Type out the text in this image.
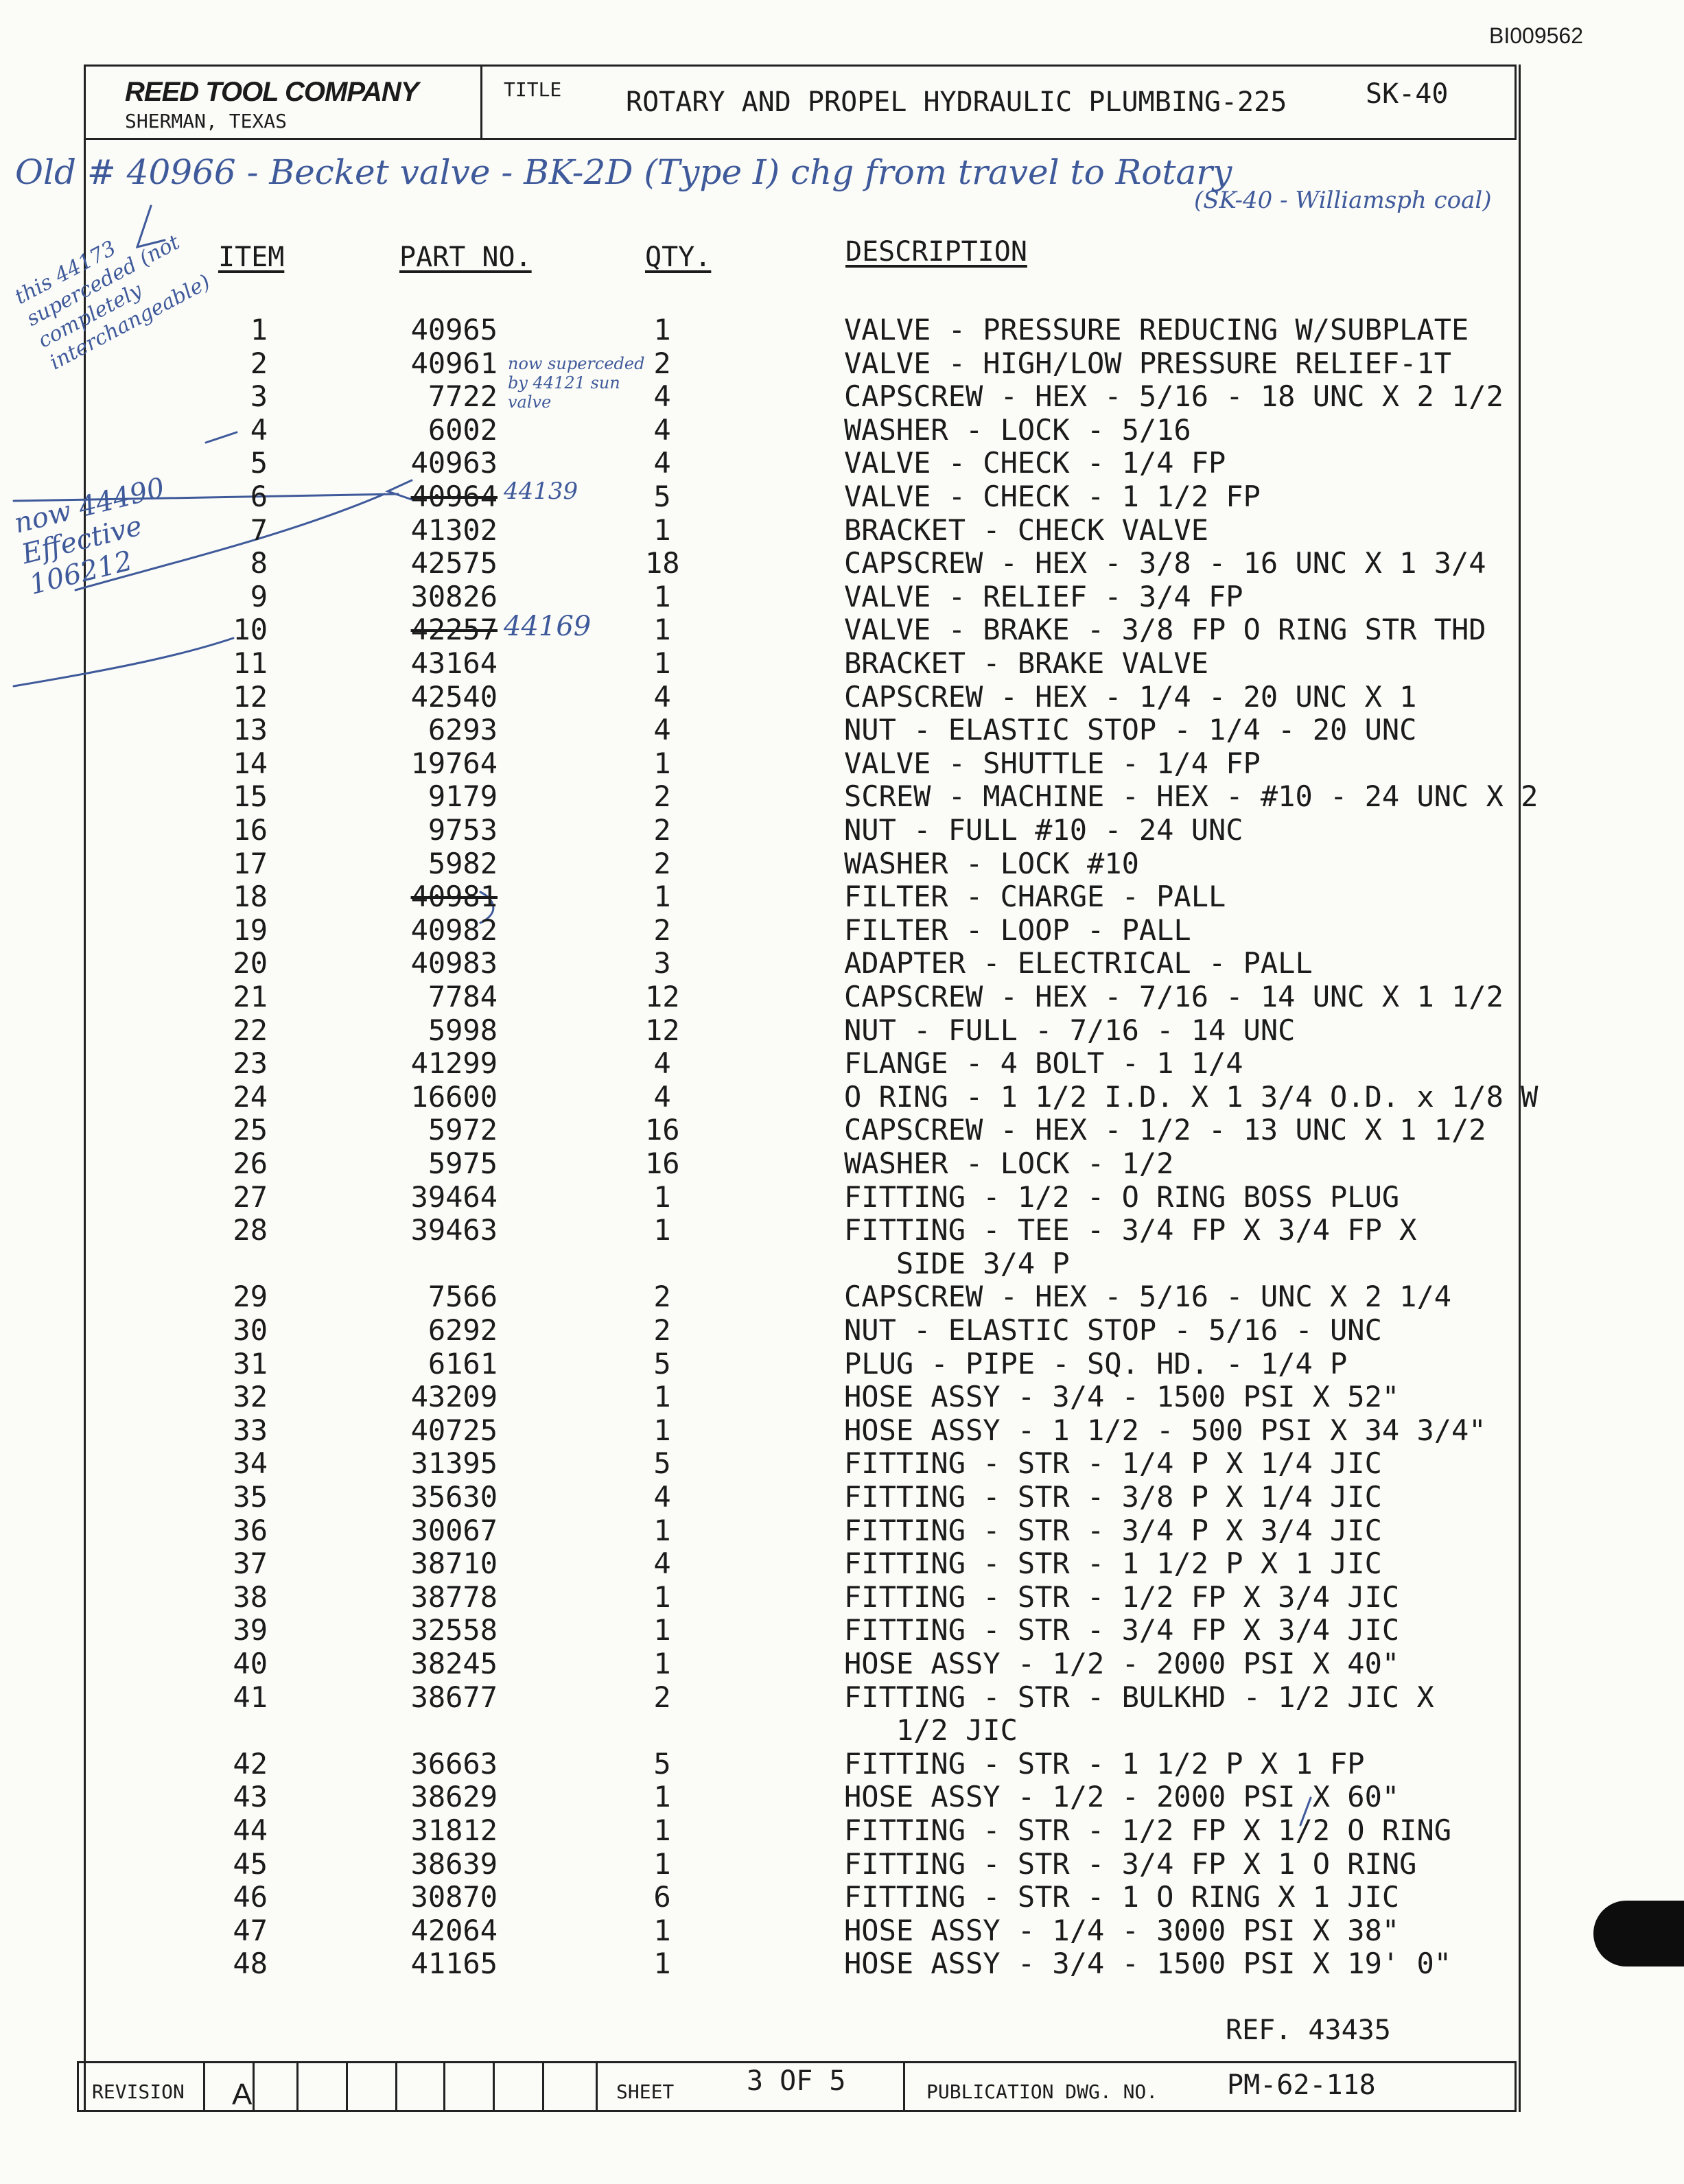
BI009562
REED TOOL COMPANY
SHERMAN, TEXAS
TITLE ROTARY AND PROPEL HYDRAULIC PLUMBING-225	SK-40
Old # 40966 - Becket valve - BK-2D (Type I) chg from travel to Rotary
(SK-40 - Williamsph coal)
this 44173 superceded (not completely interchangeable)	now superceded by 44121 sun valve
44139
44169
now 44490 Effective 106212
ITEM	PART NO.	QTY.	DESCRIPTION
1	40965	1	VALVE - PRESSURE REDUCING W/SUBPLATE
2	40961	2	VALVE - HIGH/LOW PRESSURE RELIEF-1T
3	7722	4	CAPSCREW - HEX - 5/16 - 18 UNC X 2 1/2
4	6002	4	WASHER - LOCK - 5/16
5	40963	4	VALVE - CHECK - 1/4 FP
6	40964	5	VALVE - CHECK - 1 1/2 FP
7	41302	1	BRACKET - CHECK VALVE
8	42575	18	CAPSCREW - HEX - 3/8 - 16 UNC X 1 3/4
9	30826	1	VALVE - RELIEF - 3/4 FP
10	42257	1	VALVE - BRAKE - 3/8 FP O RING STR THD
11	43164	1	BRACKET - BRAKE VALVE
12	42540	4	CAPSCREW - HEX - 1/4 - 20 UNC X 1
13	6293	4	NUT - ELASTIC STOP - 1/4 - 20 UNC
14	19764	1	VALVE - SHUTTLE - 1/4 FP
15	9179	2	SCREW - MACHINE - HEX - #10 - 24 UNC X 2
16	9753	2	NUT - FULL #10 - 24 UNC
17	5982	2	WASHER - LOCK #10
18	40981	1	FILTER - CHARGE - PALL
19	40982	2	FILTER - LOOP - PALL
20	40983	3	ADAPTER - ELECTRICAL - PALL
21	7784	12	CAPSCREW - HEX - 7/16 - 14 UNC X 1 1/2
22	5998	12	NUT - FULL - 7/16 - 14 UNC
23	41299	4	FLANGE - 4 BOLT - 1 1/4
24	16600	4	O RING - 1 1/2 I.D. X 1 3/4 O.D. x 1/8 W
25	5972	16	CAPSCREW - HEX - 1/2 - 13 UNC X 1 1/2
26	5975	16	WASHER - LOCK - 1/2
27	39464	1	FITTING - 1/2 - O RING BOSS PLUG
28	39463	1	FITTING - TEE - 3/4 FP X 3/4 FP X
SIDE 3/4 P
29	7566	2	CAPSCREW - HEX - 5/16 - UNC X 2 1/4
30	6292	2	NUT - ELASTIC STOP - 5/16 - UNC
31	6161	5	PLUG - PIPE - SQ. HD. - 1/4 P
32	43209	1	HOSE ASSY - 3/4 - 1500 PSI X 52"
33	40725	1	HOSE ASSY - 1 1/2 - 500 PSI X 34 3/4"
34	31395	5	FITTING - STR - 1/4 P X 1/4 JIC
35	35630	4	FITTING - STR - 3/8 P X 1/4 JIC
36	30067	1	FITTING - STR - 3/4 P X 3/4 JIC
37	38710	4	FITTING - STR - 1 1/2 P X 1 JIC
38	38778	1	FITTING - STR - 1/2 FP X 3/4 JIC
39	32558	1	FITTING - STR - 3/4 FP X 3/4 JIC
40	38245	1	HOSE ASSY - 1/2 - 2000 PSI X 40"
41	38677	2	FITTING - STR - BULKHD - 1/2 JIC X
1/2 JIC
42	36663	5	FITTING - STR - 1 1/2 P X 1 FP
43	38629	1	HOSE ASSY - 1/2 - 2000 PSI X 60"
44	31812	1	FITTING - STR - 1/2 FP X 1/2 O RING
45	38639	1	FITTING - STR - 3/4 FP X 1 O RING
46	30870	6	FITTING - STR - 1 O RING X 1 JIC
47	42064	1	HOSE ASSY - 1/4 - 3000 PSI X 38"
48	41165	1	HOSE ASSY - 3/4 - 1500 PSI X 19' 0"
REF. 43435
REVISION A	SHEET	3 OF 5	PUBLICATION DWG. NO.	PM-62-118
